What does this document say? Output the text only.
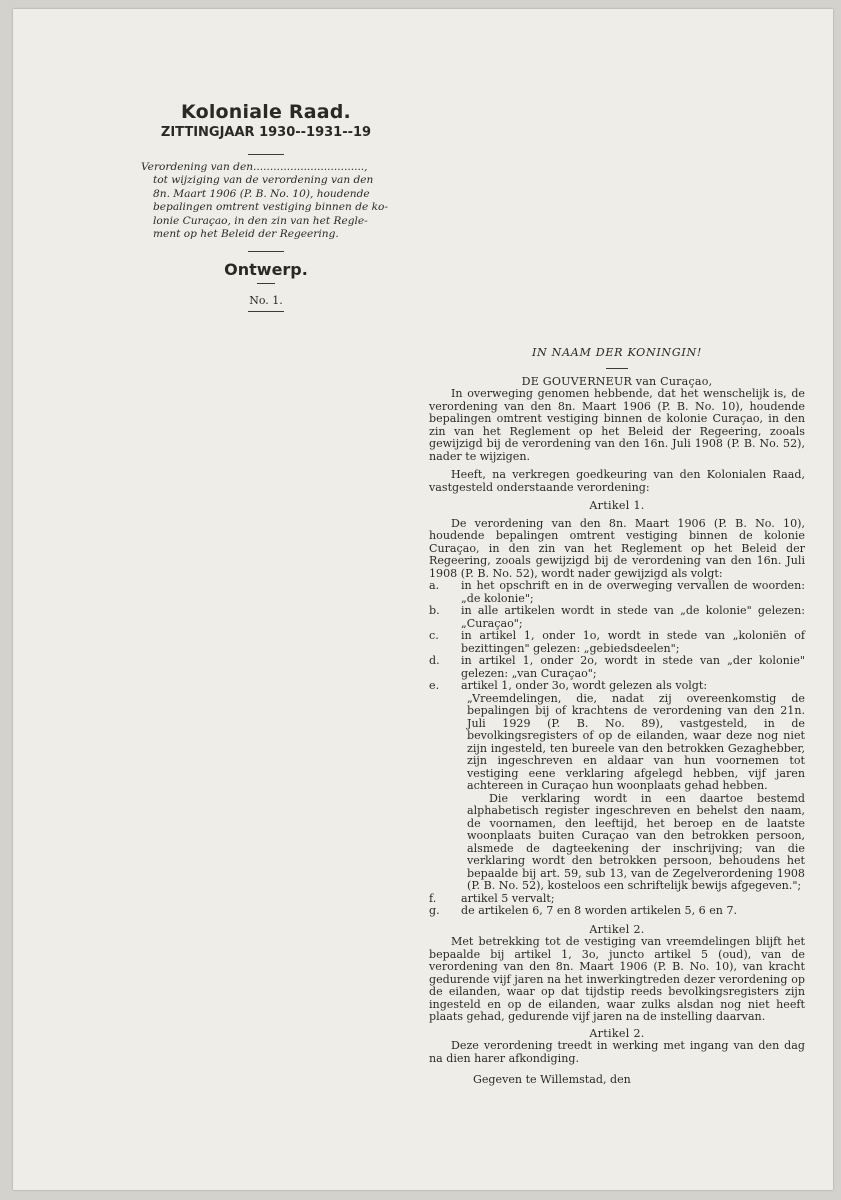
Koloniale Raad.
ZITTINGJAAR 1930--1931--19
Verordening van den.................................,
tot wijziging van de verordening van den
8n. Maart 1906 (P. B. No. 10), houdende
bepalingen omtrent vestiging binnen de ko-
lonie Curaçao, in den zin van het Regle-
ment op het Beleid der Regeering.
Ontwerp.
No. 1.

IN NAAM DER KONINGIN!

DE GOUVERNEUR van Curaçao,

In overweging genomen hebbende, dat het wenschelijk is, de verordening van den 8n. Maart 1906 (P. B. No. 10), houdende bepalingen omtrent vestiging binnen de kolonie Curaçao, in den zin van het Reglement op het Beleid der Regeering, zooals gewijzigd bij de verordening van den 16n. Juli 1908 (P. B. No. 52), nader te wijzigen.

Heeft, na verkregen goedkeuring van den Kolonialen Raad, vastgesteld onderstaande verordening:

Artikel 1.

De verordening van den 8n. Maart 1906 (P. B. No. 10), houdende bepalingen omtrent vestiging binnen de kolonie Curaçao, in den zin van het Reglement op het Beleid der Regeering, zooals gewijzigd bij de verordening van den 16n. Juli 1908 (P. B. No. 52), wordt nader gewijzigd als volgt:

a.	in het opschrift en in de overweging vervallen de woorden: „de kolonie";
b.	in alle artikelen wordt in stede van „de kolonie" gelezen: „Curaçao";
c.	in artikel 1, onder 1o, wordt in stede van „koloniën of bezittingen" gelezen: „gebiedsdeelen";
d.	in artikel 1, onder 2o, wordt in stede van „der kolonie" gelezen: „van Curaçao";
e.	artikel 1, onder 3o, wordt gelezen als volgt:

„Vreemdelingen, die, nadat zij overeenkomstig de bepalingen bij of krachtens de verordening van den 21n. Juli 1929 (P. B. No. 89), vastgesteld, in de bevolkingsregisters of op de eilanden, waar deze nog niet zijn ingesteld, ten bureele van den betrokken Gezaghebber, zijn ingeschreven en aldaar van hun voornemen tot vestiging eene verklaring afgelegd hebben, vijf jaren achtereen in Curaçao hun woonplaats gehad hebben.

Die verklaring wordt in een daartoe bestemd alphabetisch register ingeschreven en behelst den naam, de voornamen, den leeftijd, het beroep en de laatste woonplaats buiten Curaçao van den betrokken persoon, alsmede de dagteekening der inschrijving; van die verklaring wordt den betrokken persoon, behoudens het bepaalde bij art. 59, sub 13, van de Zegelverordening 1908 (P. B. No. 52), kosteloos een schriftelijk bewijs afgegeven.";

f.	artikel 5 vervalt;
g.	de artikelen 6, 7 en 8 worden artikelen 5, 6 en 7.

Artikel 2.

Met betrekking tot de vestiging van vreemdelingen blijft het bepaalde bij artikel 1, 3o, juncto artikel 5 (oud), van de verordening van den 8n. Maart 1906 (P. B. No. 10), van kracht gedurende vijf jaren na het inwerkingtreden dezer verordening op de eilanden, waar op dat tijdstip reeds bevolkingsregisters zijn ingesteld en op de eilanden, waar zulks alsdan nog niet heeft plaats gehad, gedurende vijf jaren na de instelling daarvan.

Artikel 2.

Deze verordening treedt in werking met ingang van den dag na dien harer afkondiging.

Gegeven te Willemstad, den
